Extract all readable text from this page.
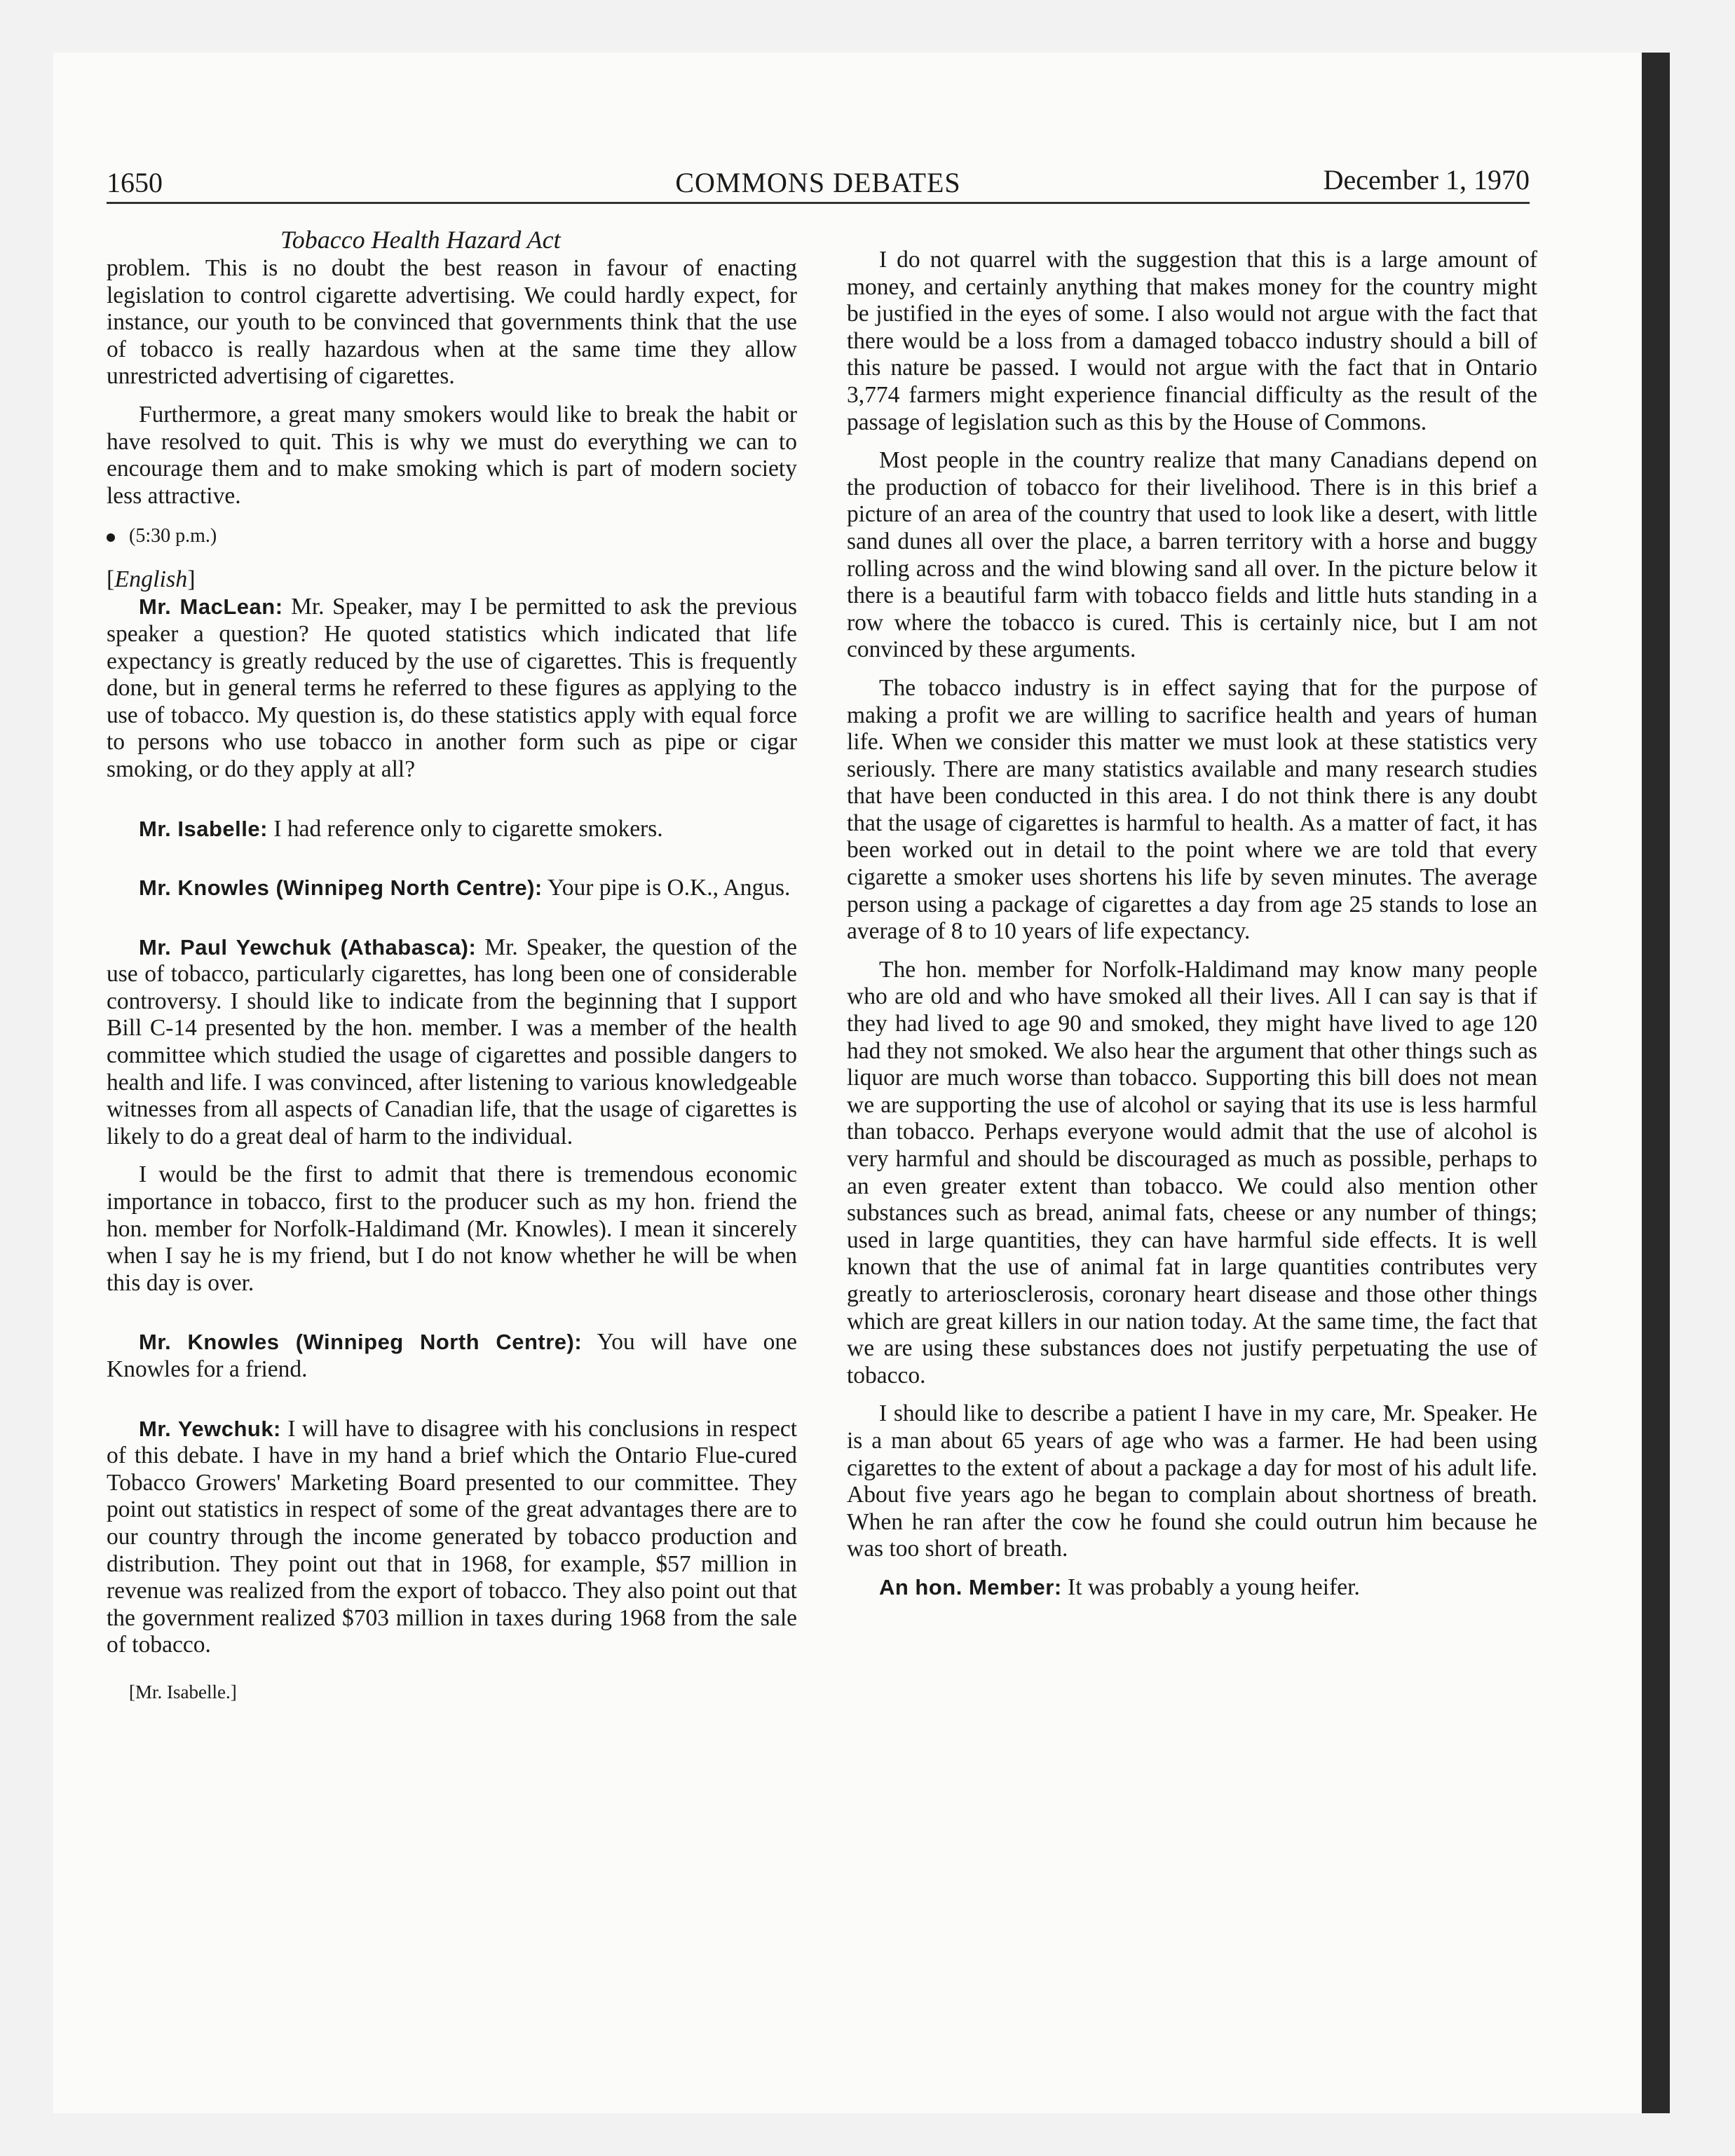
1650	COMMONS DEBATES	December 1, 1970
Tobacco Health Hazard Act

problem. This is no doubt the best reason in favour of enacting legislation to control cigarette advertising. We could hardly expect, for instance, our youth to be convinced that governments think that the use of tobacco is really hazardous when at the same time they allow unrestricted advertising of cigarettes.

Furthermore, a great many smokers would like to break the habit or have resolved to quit. This is why we must do everything we can to encourage them and to make smoking which is part of modern society less attractive.

(5:30 p.m.)
[English]

Mr. MacLean: Mr. Speaker, may I be permitted to ask the previous speaker a question? He quoted statistics which indicated that life expectancy is greatly reduced by the use of cigarettes. This is frequently done, but in general terms he referred to these figures as applying to the use of tobacco. My question is, do these statistics apply with equal force to persons who use tobacco in another form such as pipe or cigar smoking, or do they apply at all?

Mr. Isabelle: I had reference only to cigarette smokers.

Mr. Knowles (Winnipeg North Centre): Your pipe is O.K., Angus.

Mr. Paul Yewchuk (Athabasca): Mr. Speaker, the question of the use of tobacco, particularly cigarettes, has long been one of considerable controversy. I should like to indicate from the beginning that I support Bill C-14 presented by the hon. member. I was a member of the health committee which studied the usage of cigarettes and possible dangers to health and life. I was convinced, after listening to various knowledgeable witnesses from all aspects of Canadian life, that the usage of cigarettes is likely to do a great deal of harm to the individual.

I would be the first to admit that there is tremendous economic importance in tobacco, first to the producer such as my hon. friend the hon. member for Norfolk-Haldimand (Mr. Knowles). I mean it sincerely when I say he is my friend, but I do not know whether he will be when this day is over.

Mr. Knowles (Winnipeg North Centre): You will have one Knowles for a friend.

Mr. Yewchuk: I will have to disagree with his conclusions in respect of this debate. I have in my hand a brief which the Ontario Flue-cured Tobacco Growers' Marketing Board presented to our committee. They point out statistics in respect of some of the great advantages there are to our country through the income generated by tobacco production and distribution. They point out that in 1968, for example, $57 million in revenue was realized from the export of tobacco. They also point out that the government realized $703 million in taxes during 1968 from the sale of tobacco.

[Mr. Isabelle.]

I do not quarrel with the suggestion that this is a large amount of money, and certainly anything that makes money for the country might be justified in the eyes of some. I also would not argue with the fact that there would be a loss from a damaged tobacco industry should a bill of this nature be passed. I would not argue with the fact that in Ontario 3,774 farmers might experience financial difficulty as the result of the passage of legislation such as this by the House of Commons.

Most people in the country realize that many Canadians depend on the production of tobacco for their livelihood. There is in this brief a picture of an area of the country that used to look like a desert, with little sand dunes all over the place, a barren territory with a horse and buggy rolling across and the wind blowing sand all over. In the picture below it there is a beautiful farm with tobacco fields and little huts standing in a row where the tobacco is cured. This is certainly nice, but I am not convinced by these arguments.

The tobacco industry is in effect saying that for the purpose of making a profit we are willing to sacrifice health and years of human life. When we consider this matter we must look at these statistics very seriously. There are many statistics available and many research studies that have been conducted in this area. I do not think there is any doubt that the usage of cigarettes is harmful to health. As a matter of fact, it has been worked out in detail to the point where we are told that every cigarette a smoker uses shortens his life by seven minutes. The average person using a package of cigarettes a day from age 25 stands to lose an average of 8 to 10 years of life expectancy.

The hon. member for Norfolk-Haldimand may know many people who are old and who have smoked all their lives. All I can say is that if they had lived to age 90 and smoked, they might have lived to age 120 had they not smoked. We also hear the argument that other things such as liquor are much worse than tobacco. Supporting this bill does not mean we are supporting the use of alcohol or saying that its use is less harmful than tobacco. Perhaps everyone would admit that the use of alcohol is very harmful and should be discouraged as much as possible, perhaps to an even greater extent than tobacco. We could also mention other substances such as bread, animal fats, cheese or any number of things; used in large quantities, they can have harmful side effects. It is well known that the use of animal fat in large quantities contributes very greatly to arteriosclerosis, coronary heart disease and those other things which are great killers in our nation today. At the same time, the fact that we are using these substances does not justify perpetuating the use of tobacco.

I should like to describe a patient I have in my care, Mr. Speaker. He is a man about 65 years of age who was a farmer. He had been using cigarettes to the extent of about a package a day for most of his adult life. About five years ago he began to complain about shortness of breath. When he ran after the cow he found she could outrun him because he was too short of breath.

An hon. Member: It was probably a young heifer.
